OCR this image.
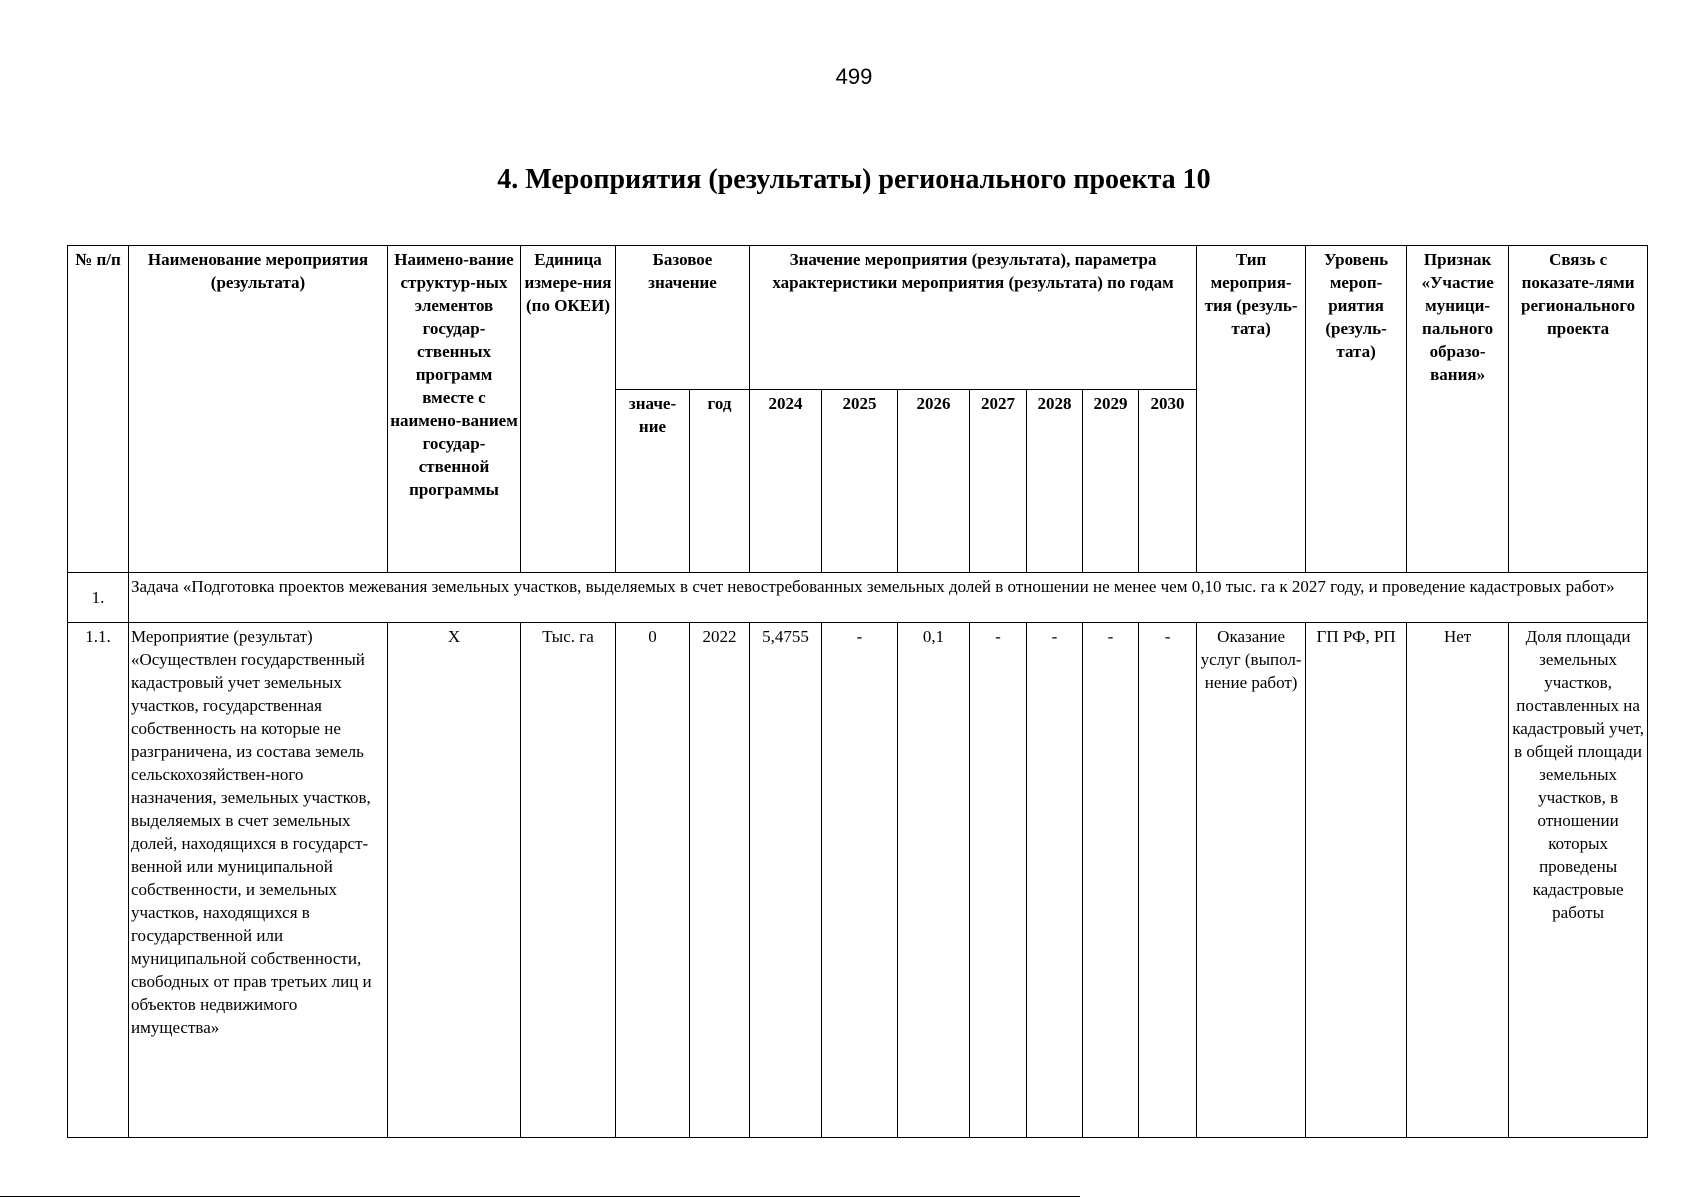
499
4. Мероприятия (результаты) регионального проекта 10
№ п/п	Наименование мероприятия (результата)	Наимено-вание структур-ных элементов государ-ственных программ вместе с наимено-ванием государ-ственной программы	Единица измере-ния (по ОКЕИ)	Базовое значение		Значение мероприятия (результата), параметра характеристики мероприятия (результата) по годам							Тип мероприя-тия (резуль-тата)	Уровень мероп-риятия (резуль-тата)	Признак «Участие муници-пального образо-вания»	Связь с показате-лями регионального проекта
				значе-ние	год	2024	2025	2026	2027	2028	2029	2030				
1.	Задача «Подготовка проектов межевания земельных участков, выделяемых в счет невостребованных земельных долей в отношении не менее чем 0,10 тыс. га к 2027 году, и проведение кадастровых работ»															
1.1.	Мероприятие (результат) «Осуществлен государственный кадастровый учет земельных участков, государственная собственность на которые не разграничена, из состава земель сельскохозяйствен-ного назначения, земельных участков, выделяемых в счет земельных долей, находящихся в государст-венной или муниципальной собственности, и земельных участков, находящихся в государственной или муниципальной собственности, свободных от прав третьих лиц и объектов недвижимого имущества»	X	Тыс. га	0	2022	5,4755	-	0,1	-	-	-	-	Оказание услуг (выпол-нение работ)	ГП РФ, РП	Нет	Доля площади земельных участков, поставленных на кадастровый учет, в общей площади земельных участков, в отношении которых проведены кадастровые работы
